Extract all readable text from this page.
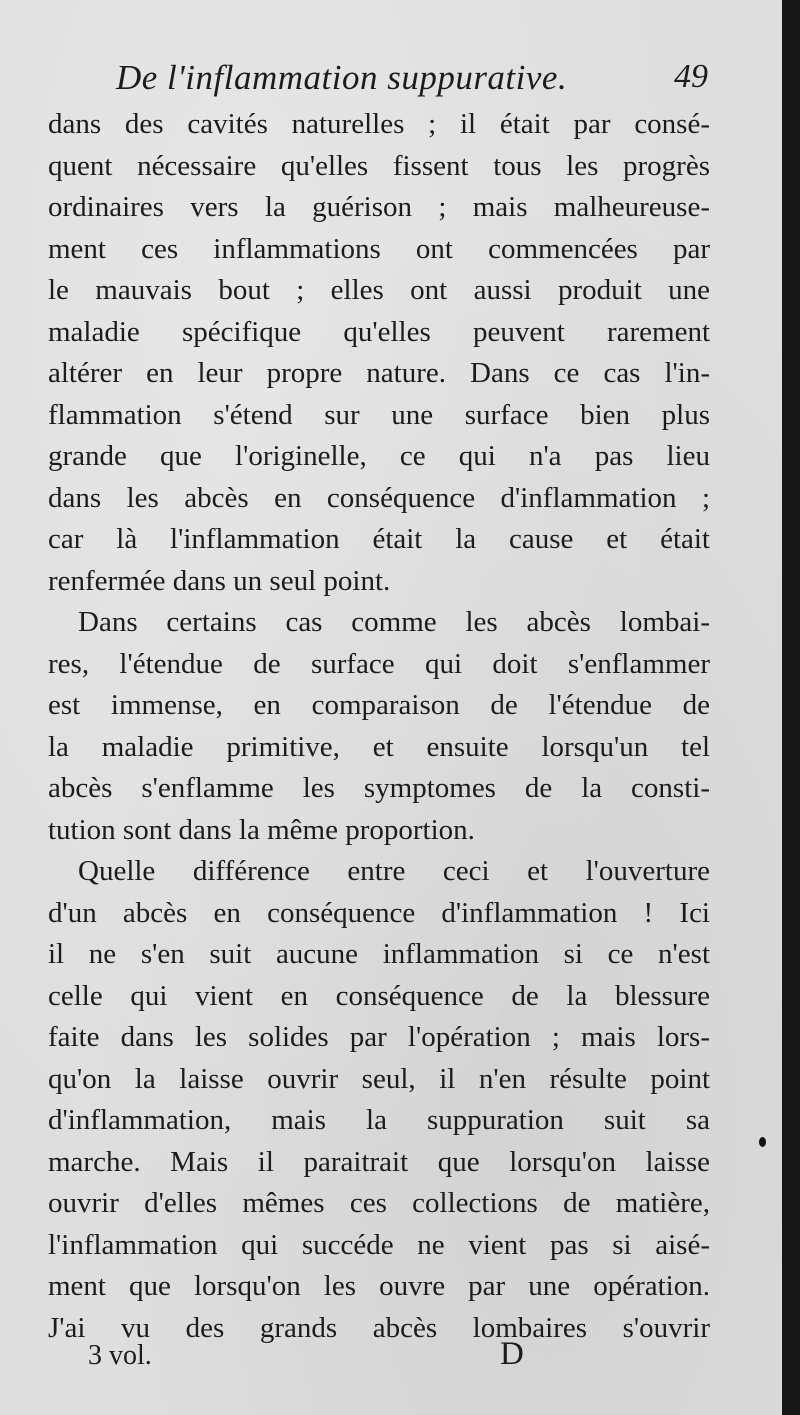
De l'inflammation suppurative.	49
dans des cavités naturelles ; il était par consé-
quent nécessaire qu'elles fissent tous les progrès
ordinaires vers la guérison ; mais malheureuse-
ment ces inflammations ont commencées par
le mauvais bout ; elles ont aussi produit une
maladie spécifique qu'elles peuvent rarement
altérer en leur propre nature. Dans ce cas l'in-
flammation s'étend sur une surface bien plus
grande que l'originelle, ce qui n'a pas lieu
dans les abcès en conséquence d'inflammation ;
car là l'inflammation était la cause et était
renfermée dans un seul point.
Dans certains cas comme les abcès lombai-
res, l'étendue de surface qui doit s'enflammer
est immense, en comparaison de l'étendue de
la maladie primitive, et ensuite lorsqu'un tel
abcès s'enflamme les symptomes de la consti-
tution sont dans la même proportion.
Quelle différence entre ceci et l'ouverture
d'un abcès en conséquence d'inflammation ! Ici
il ne s'en suit aucune inflammation si ce n'est
celle qui vient en conséquence de la blessure
faite dans les solides par l'opération ; mais lors-
qu'on la laisse ouvrir seul, il n'en résulte point
d'inflammation, mais la suppuration suit sa
marche. Mais il paraitrait que lorsqu'on laisse
ouvrir d'elles mêmes ces collections de matière,
l'inflammation qui succéde ne vient pas si aisé-
ment que lorsqu'on les ouvre par une opération.
J'ai vu des grands abcès lombaires s'ouvrir
3 vol.	D
